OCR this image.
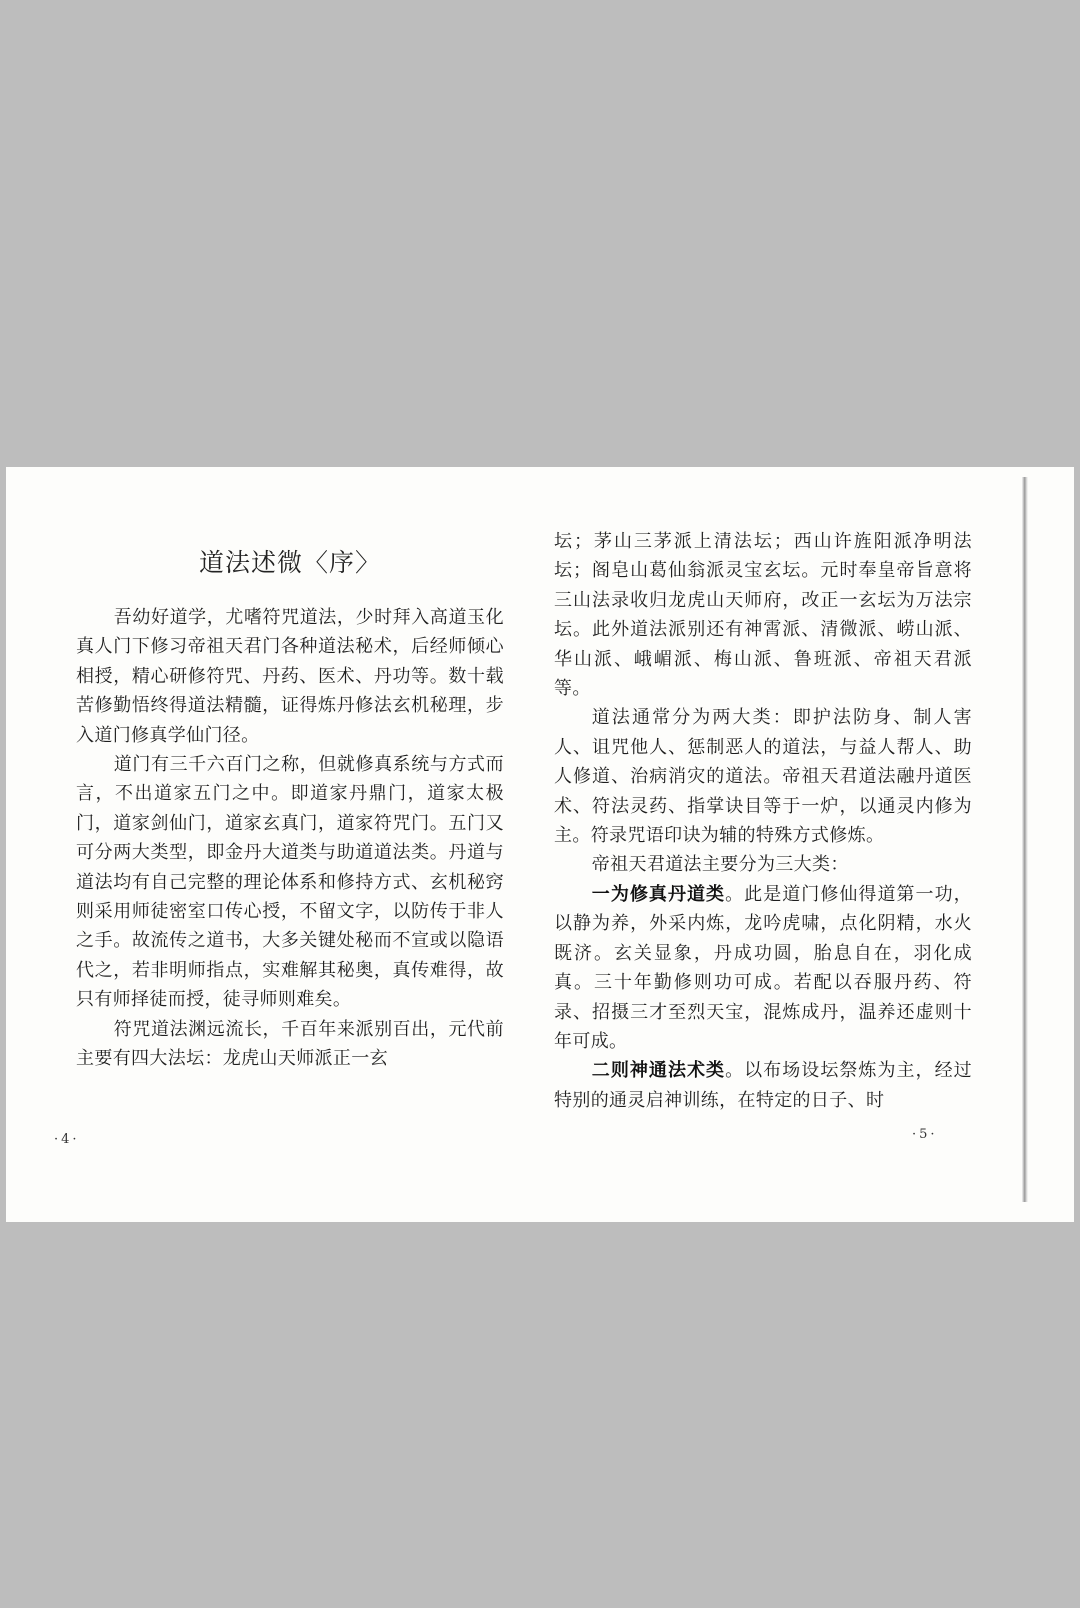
道法述微〈序〉

吾幼好道学，尤嗜符咒道法，少时拜入高道玉化真人门下修习帝祖天君门各种道法秘术，后经师倾心相授，精心研修符咒、丹药、医术、丹功等。数十载苦修勤悟终得道法精髓，证得炼丹修法玄机秘理，步入道门修真学仙门径。

道门有三千六百门之称，但就修真系统与方式而言，不出道家五门之中。即道家丹鼎门，道家太极门，道家剑仙门，道家玄真门，道家符咒门。五门又可分两大类型，即金丹大道类与助道道法类。丹道与道法均有自己完整的理论体系和修持方式、玄机秘窍则采用师徒密室口传心授，不留文字，以防传于非人之手。故流传之道书，大多关键处秘而不宣或以隐语代之，若非明师指点，实难解其秘奥，真传难得，故只有师择徒而授，徒寻师则难矣。

符咒道法渊远流长，千百年来派别百出，元代前主要有四大法坛：龙虎山天师派正一玄

坛；茅山三茅派上清法坛；西山许旌阳派净明法坛；阁皂山葛仙翁派灵宝玄坛。元时奉皇帝旨意将三山法录收归龙虎山天师府，改正一玄坛为万法宗坛。此外道法派别还有神霄派、清微派、崂山派、华山派、峨嵋派、梅山派、鲁班派、帝祖天君派等。

道法通常分为两大类：即护法防身、制人害人、诅咒他人、惩制恶人的道法，与益人帮人、助人修道、治病消灾的道法。帝祖天君道法融丹道医术、符法灵药、指掌诀目等于一炉，以通灵内修为主。符录咒语印诀为辅的特殊方式修炼。

帝祖天君道法主要分为三大类：

一为修真丹道类。此是道门修仙得道第一功，以静为养，外采内炼，龙吟虎啸，点化阴精，水火既济。玄关显象，丹成功圆，胎息自在，羽化成真。三十年勤修则功可成。若配以吞服丹药、符录、招摄三才至烈天宝，混炼成丹，温养还虚则十年可成。

二则神通法术类。以布场设坛祭炼为主，经过特别的通灵启神训练，在特定的日子、时

·4·	·5·
